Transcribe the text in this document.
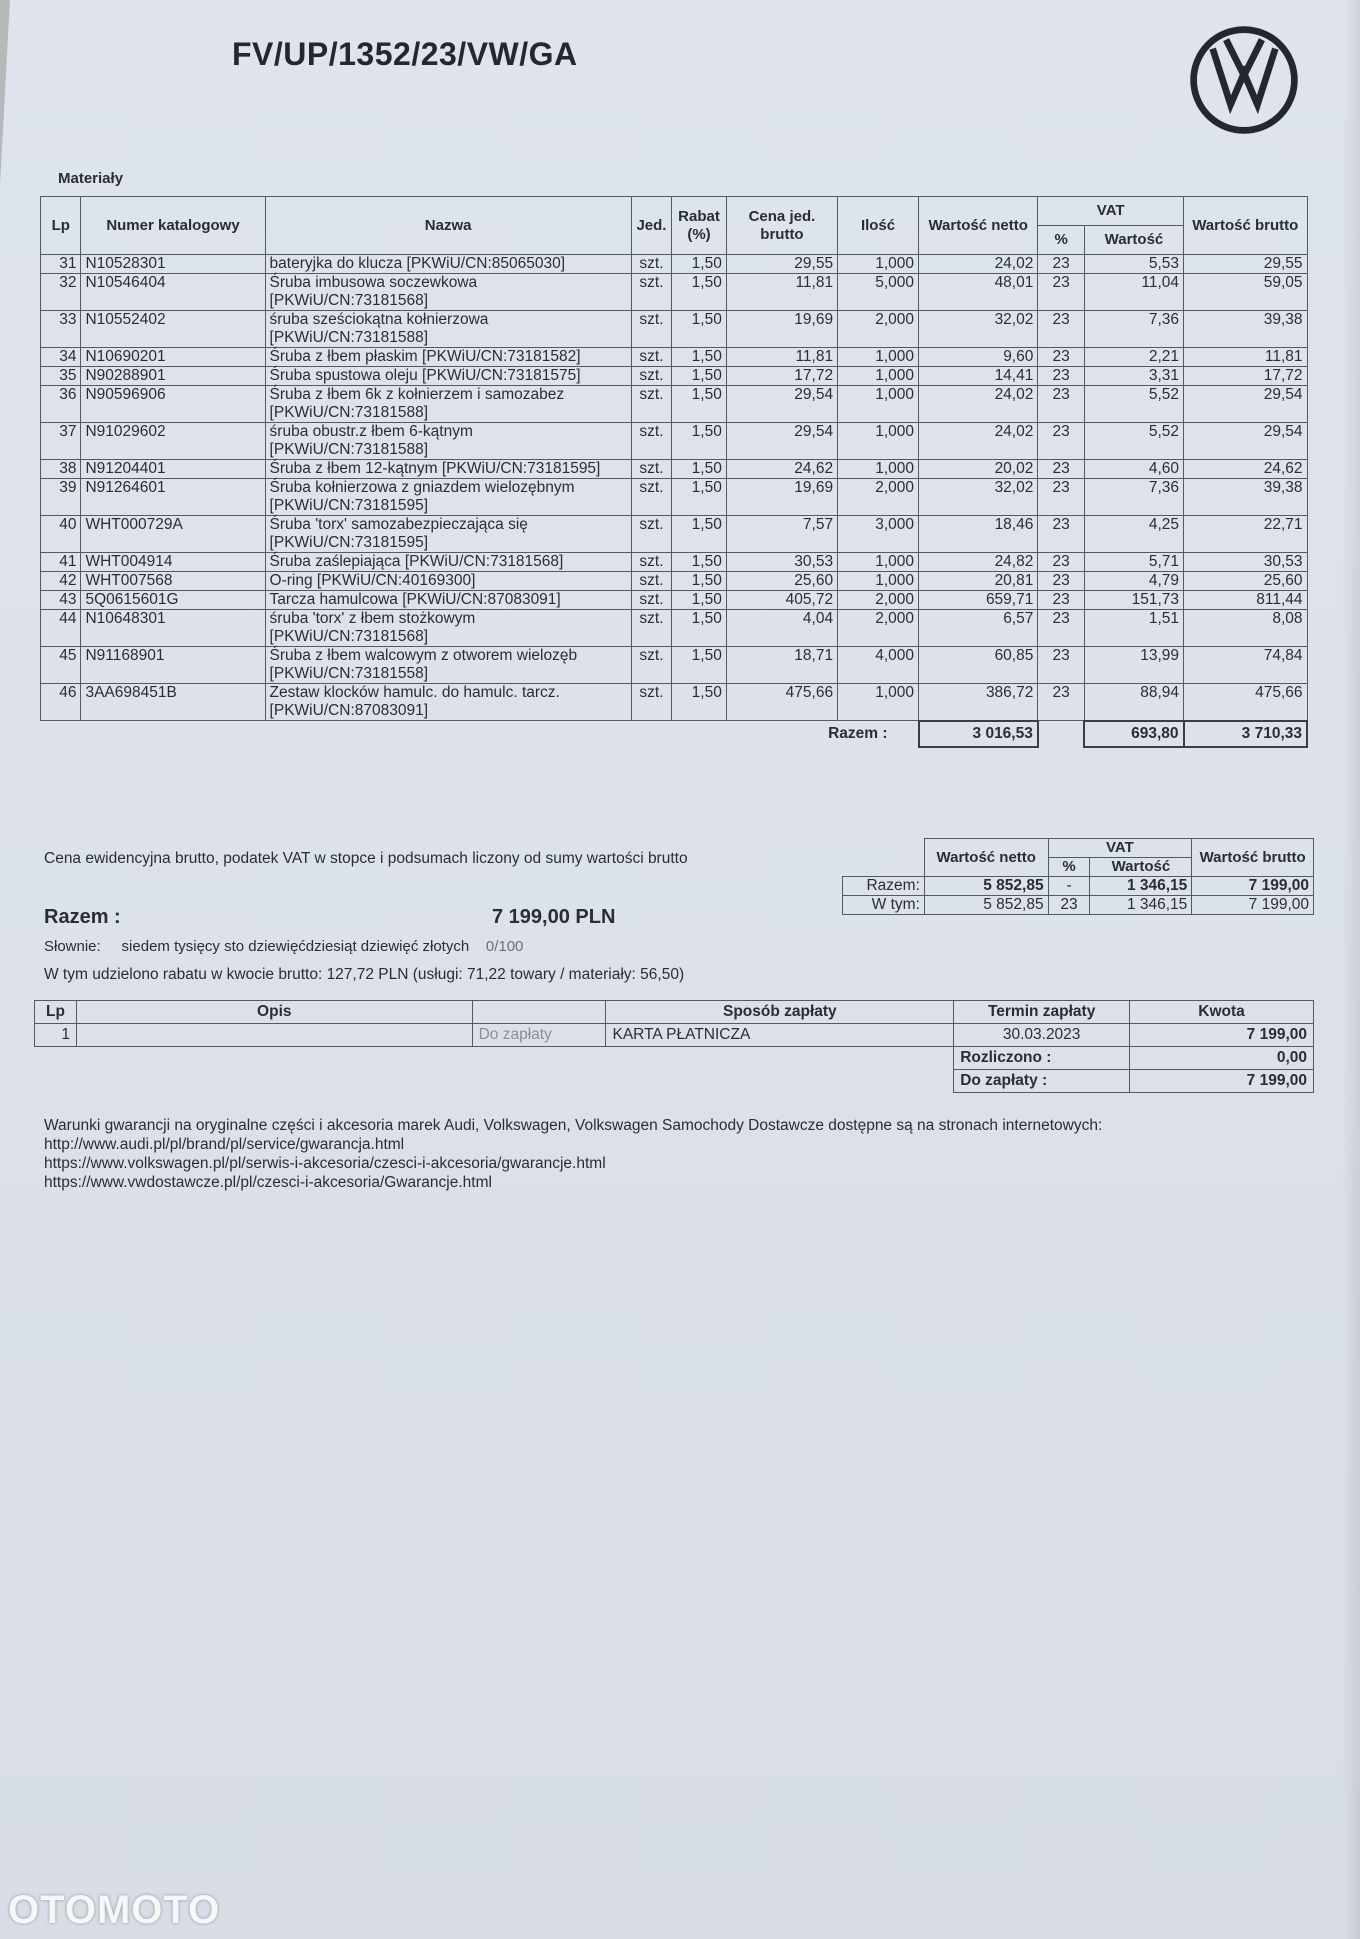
FV/UP/1352/23/VW/GA
Materiały
Lp	Numer katalogowy	Nazwa	Jed.	Rabat (%)	Cena jed. brutto	Ilość	Wartość netto	VAT		Wartość brutto
								%	Wartość	
31	N10528301	bateryjka do klucza [PKWiU/CN:85065030]	szt.	1,50	29,55	1,000	24,02	23	5,53	29,55
32	N10546404	Śruba imbusowa soczewkowa [PKWiU/CN:73181568]	szt.	1,50	11,81	5,000	48,01	23	11,04	59,05
33	N10552402	śruba sześciokątna kołnierzowa [PKWiU/CN:73181588]	szt.	1,50	19,69	2,000	32,02	23	7,36	39,38
34	N10690201	Śruba z łbem płaskim [PKWiU/CN:73181582]	szt.	1,50	11,81	1,000	9,60	23	2,21	11,81
35	N90288901	Śruba spustowa oleju [PKWiU/CN:73181575]	szt.	1,50	17,72	1,000	14,41	23	3,31	17,72
36	N90596906	Śruba z łbem 6k z kołnierzem i samozabez [PKWiU/CN:73181588]	szt.	1,50	29,54	1,000	24,02	23	5,52	29,54
37	N91029602	śruba obustr.z łbem 6-kątnym [PKWiU/CN:73181588]	szt.	1,50	29,54	1,000	24,02	23	5,52	29,54
38	N91204401	Śruba z łbem 12-kątnym [PKWiU/CN:73181595]	szt.	1,50	24,62	1,000	20,02	23	4,60	24,62
39	N91264601	Śruba kołnierzowa z gniazdem wielozębnym [PKWiU/CN:73181595]	szt.	1,50	19,69	2,000	32,02	23	7,36	39,38
40	WHT000729A	Śruba 'torx' samozabezpieczająca się [PKWiU/CN:73181595]	szt.	1,50	7,57	3,000	18,46	23	4,25	22,71
41	WHT004914	Śruba zaślepiająca [PKWiU/CN:73181568]	szt.	1,50	30,53	1,000	24,82	23	5,71	30,53
42	WHT007568	O-ring [PKWiU/CN:40169300]	szt.	1,50	25,60	1,000	20,81	23	4,79	25,60
43	5Q0615601G	Tarcza hamulcowa [PKWiU/CN:87083091]	szt.	1,50	405,72	2,000	659,71	23	151,73	811,44
44	N10648301	śruba 'torx' z łbem stożkowym [PKWiU/CN:73181568]	szt.	1,50	4,04	2,000	6,57	23	1,51	8,08
45	N91168901	Śruba z łbem walcowym z otworem wielozęb [PKWiU/CN:73181558]	szt.	1,50	18,71	4,000	60,85	23	13,99	74,84
46	3AA698451B	Zestaw klocków hamulc. do hamulc. tarcz. [PKWiU/CN:87083091]	szt.	1,50	475,66	1,000	386,72	23	88,94	475,66
Razem :							3 016,53		693,80	3 710,33
Cena ewidencyjna brutto, podatek VAT w stopce i podsumach liczony od sumy wartości brutto
		Wartość netto	VAT		Wartość brutto
		%	Wartość	
Razem:	5 852,85	-	1 346,15	7 199,00
W tym:	5 852,85	23	1 346,15	7 199,00
Razem :	7 199,00 PLN
Słownie: siedem tysięcy sto dziewięćdziesiąt dziewięć złotych 0/100
W tym udzielono rabatu w kwocie brutto: 127,72 PLN (usługi: 71,22 towary / materiały: 56,50)
Lp	Opis		Sposób zapłaty	Termin zapłaty	Kwota
1		Do zapłaty	KARTA PŁATNICZA	30.03.2023	7 199,00
				Rozliczono :	0,00
				Do zapłaty :	7 199,00
Warunki gwarancji na oryginalne części i akcesoria marek Audi, Volkswagen, Volkswagen Samochody Dostawcze dostępne są na stronach internetowych:
http://www.audi.pl/pl/brand/pl/service/gwarancja.html
https://www.volkswagen.pl/pl/serwis-i-akcesoria/czesci-i-akcesoria/gwarancje.html
https://www.vwdostawcze.pl/pl/czesci-i-akcesoria/Gwarancje.html
OTOMOTO
